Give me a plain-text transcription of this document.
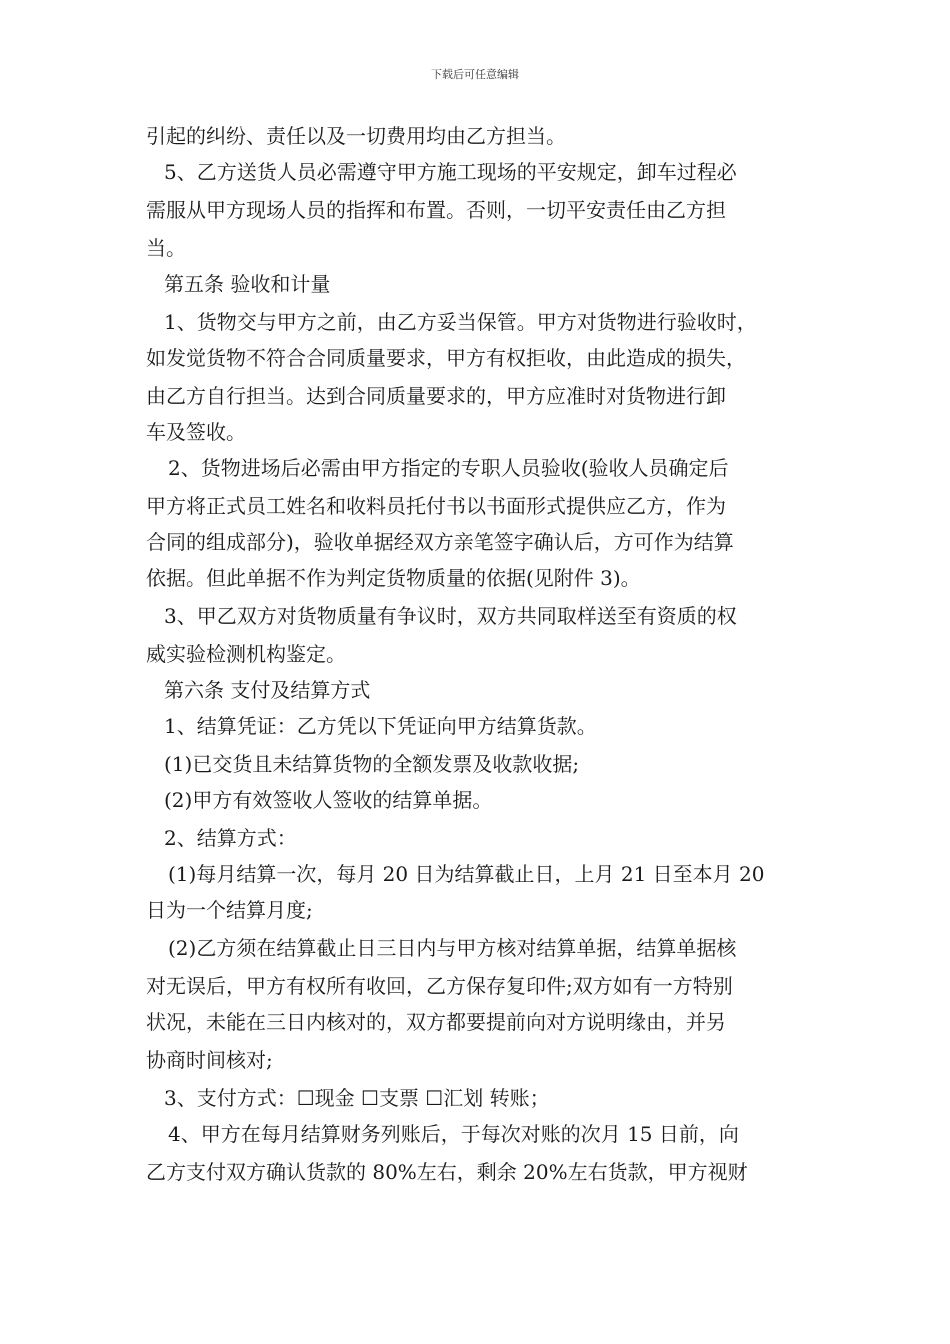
下载后可任意编辑
引起的纠纷、责任以及一切费用均由乙方担当。
5、乙方送货人员必需遵守甲方施工现场的平安规定，卸车过程必
需服从甲方现场人员的指挥和布置。否则，一切平安责任由乙方担
当。
第五条 验收和计量
1、货物交与甲方之前，由乙方妥当保管。甲方对货物进行验收时，
如发觉货物不符合合同质量要求，甲方有权拒收，由此造成的损失，
由乙方自行担当。达到合同质量要求的，甲方应准时对货物进行卸
车及签收。
2、货物进场后必需由甲方指定的专职人员验收(验收人员确定后
甲方将正式员工姓名和收料员托付书以书面形式提供应乙方，作为
合同的组成部分)，验收单据经双方亲笔签字确认后，方可作为结算
依据。但此单据不作为判定货物质量的依据(见附件 3)。
3、甲乙双方对货物质量有争议时，双方共同取样送至有资质的权
威实验检测机构鉴定。
第六条 支付及结算方式
1、结算凭证：乙方凭以下凭证向甲方结算货款。
(1)已交货且未结算货物的全额发票及收款收据;
(2)甲方有效签收人签收的结算单据。
2、结算方式：
(1)每月结算一次，每月 20 日为结算截止日，上月 21 日至本月 20
日为一个结算月度;
(2)乙方须在结算截止日三日内与甲方核对结算单据，结算单据核
对无误后，甲方有权所有收回，乙方保存复印件;双方如有一方特别
状况，未能在三日内核对的，双方都要提前向对方说明缘由，并另
协商时间核对;
3、支付方式：☐现金 ☐支票 ☐汇划 转账；
4、甲方在每月结算财务列账后，于每次对账的次月 15 日前，向
乙方支付双方确认货款的 80%左右，剩余 20%左右货款，甲方视财
